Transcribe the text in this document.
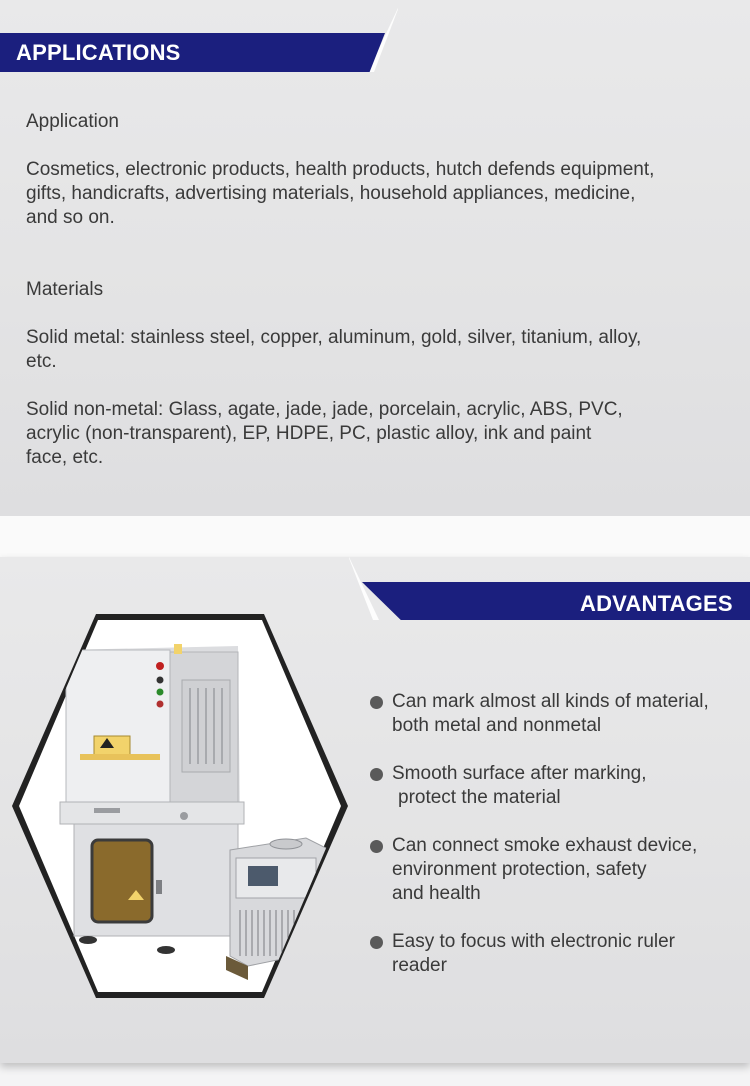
APPLICATIONS
Application
Cosmetics, electronic products, health products, hutch defends equipment,
gifts, handicrafts, advertising materials, household appliances, medicine,
and so on.
Materials
Solid metal: stainless steel, copper, aluminum, gold, silver, titanium, alloy,
etc.
Solid non-metal: Glass, agate, jade, jade, porcelain, acrylic, ABS, PVC,
acrylic (non-transparent), EP, HDPE, PC, plastic alloy, ink and paint
face, etc.
ADVANTAGES
Can mark almost all kinds of material,
both metal and nonmetal
Smooth surface after marking,
protect the material
Can connect smoke exhaust device,
environment protection, safety
and health
Easy to focus with electronic ruler
reader
